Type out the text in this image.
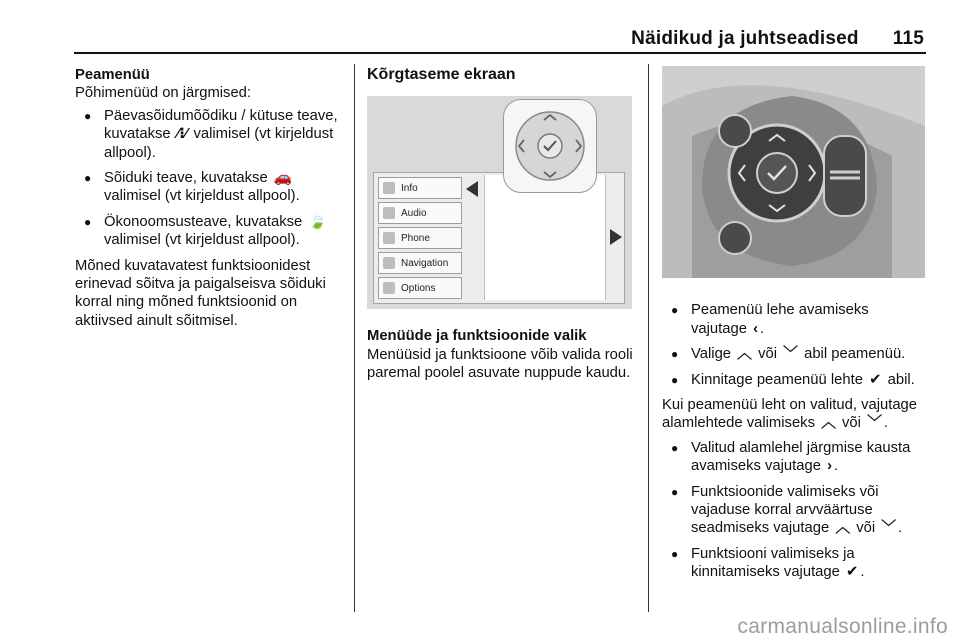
Näidikud ja juhtseadised 115
Peamenüü

Põhimenüüd on järgmised:

● Päevasõidumõõdiku / kütuse teave, kuvatakse ⁄⁝⁄ valimisel (vt kirjeldust allpool).
● Sõiduki teave, kuvatakse 🚗 valimisel (vt kirjeldust allpool).
● Ökonoomsusteave, kuvatakse 🍃 valimisel (vt kirjeldust allpool).

Mõned kuvatavatest funktsioonidest erinevad sõitva ja paigalseisva sõiduki korral ning mõned funktsioonid on aktiivsed ainult sõitmisel.

Kõrgtaseme ekraan
Info
Audio
Phone
Navigation
Options
Menüüde ja funktsioonide valik

Menüüsid ja funktsioone võib valida rooli paremal poolel asuvate nuppude kaudu.

● Peamenüü lehe avamiseks vajutage ‹ .
● Valige ︿ või ﹀ abil peamenüü.
● Kinnitage peamenüü lehte ✔ abil.

Kui peamenüü leht on valitud, vajutage alamlehtede valimiseks ︿ või ﹀ .

● Valitud alamlehel järgmise kausta avamiseks vajutage › .
● Funktsioonide valimiseks või vajaduse korral arvväärtuse seadmiseks vajutage ︿ või ﹀ .
● Funktsiooni valimiseks ja kinnitamiseks vajutage ✔ .
carmanualsonline.info
